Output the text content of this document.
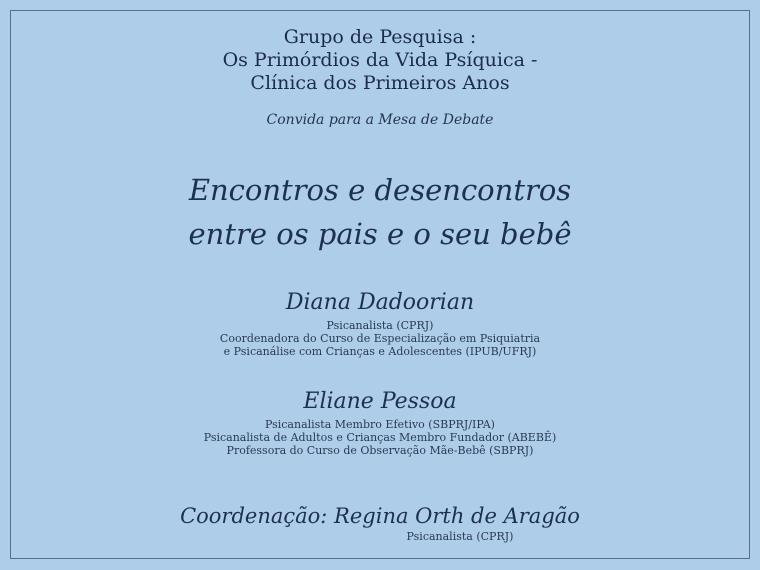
Grupo de Pesquisa :
Os Primórdios da Vida Psíquica -
Clínica dos Primeiros Anos
Convida para a Mesa de Debate
Encontros e desencontros
entre os pais e o seu bebê
Diana Dadoorian
Psicanalista (CPRJ)
Coordenadora do Curso de Especialização em Psiquiatria
e Psicanálise com Crianças e Adolescentes (IPUB/UFRJ)
Eliane Pessoa
Psicanalista Membro Efetivo (SBPRJ/IPA)
Psicanalista de Adultos e Crianças Membro Fundador (ABEBÊ)
Professora do Curso de Observação Mãe-Bebê (SBPRJ)
Coordenação: Regina Orth de Aragão
Psicanalista (CPRJ)
